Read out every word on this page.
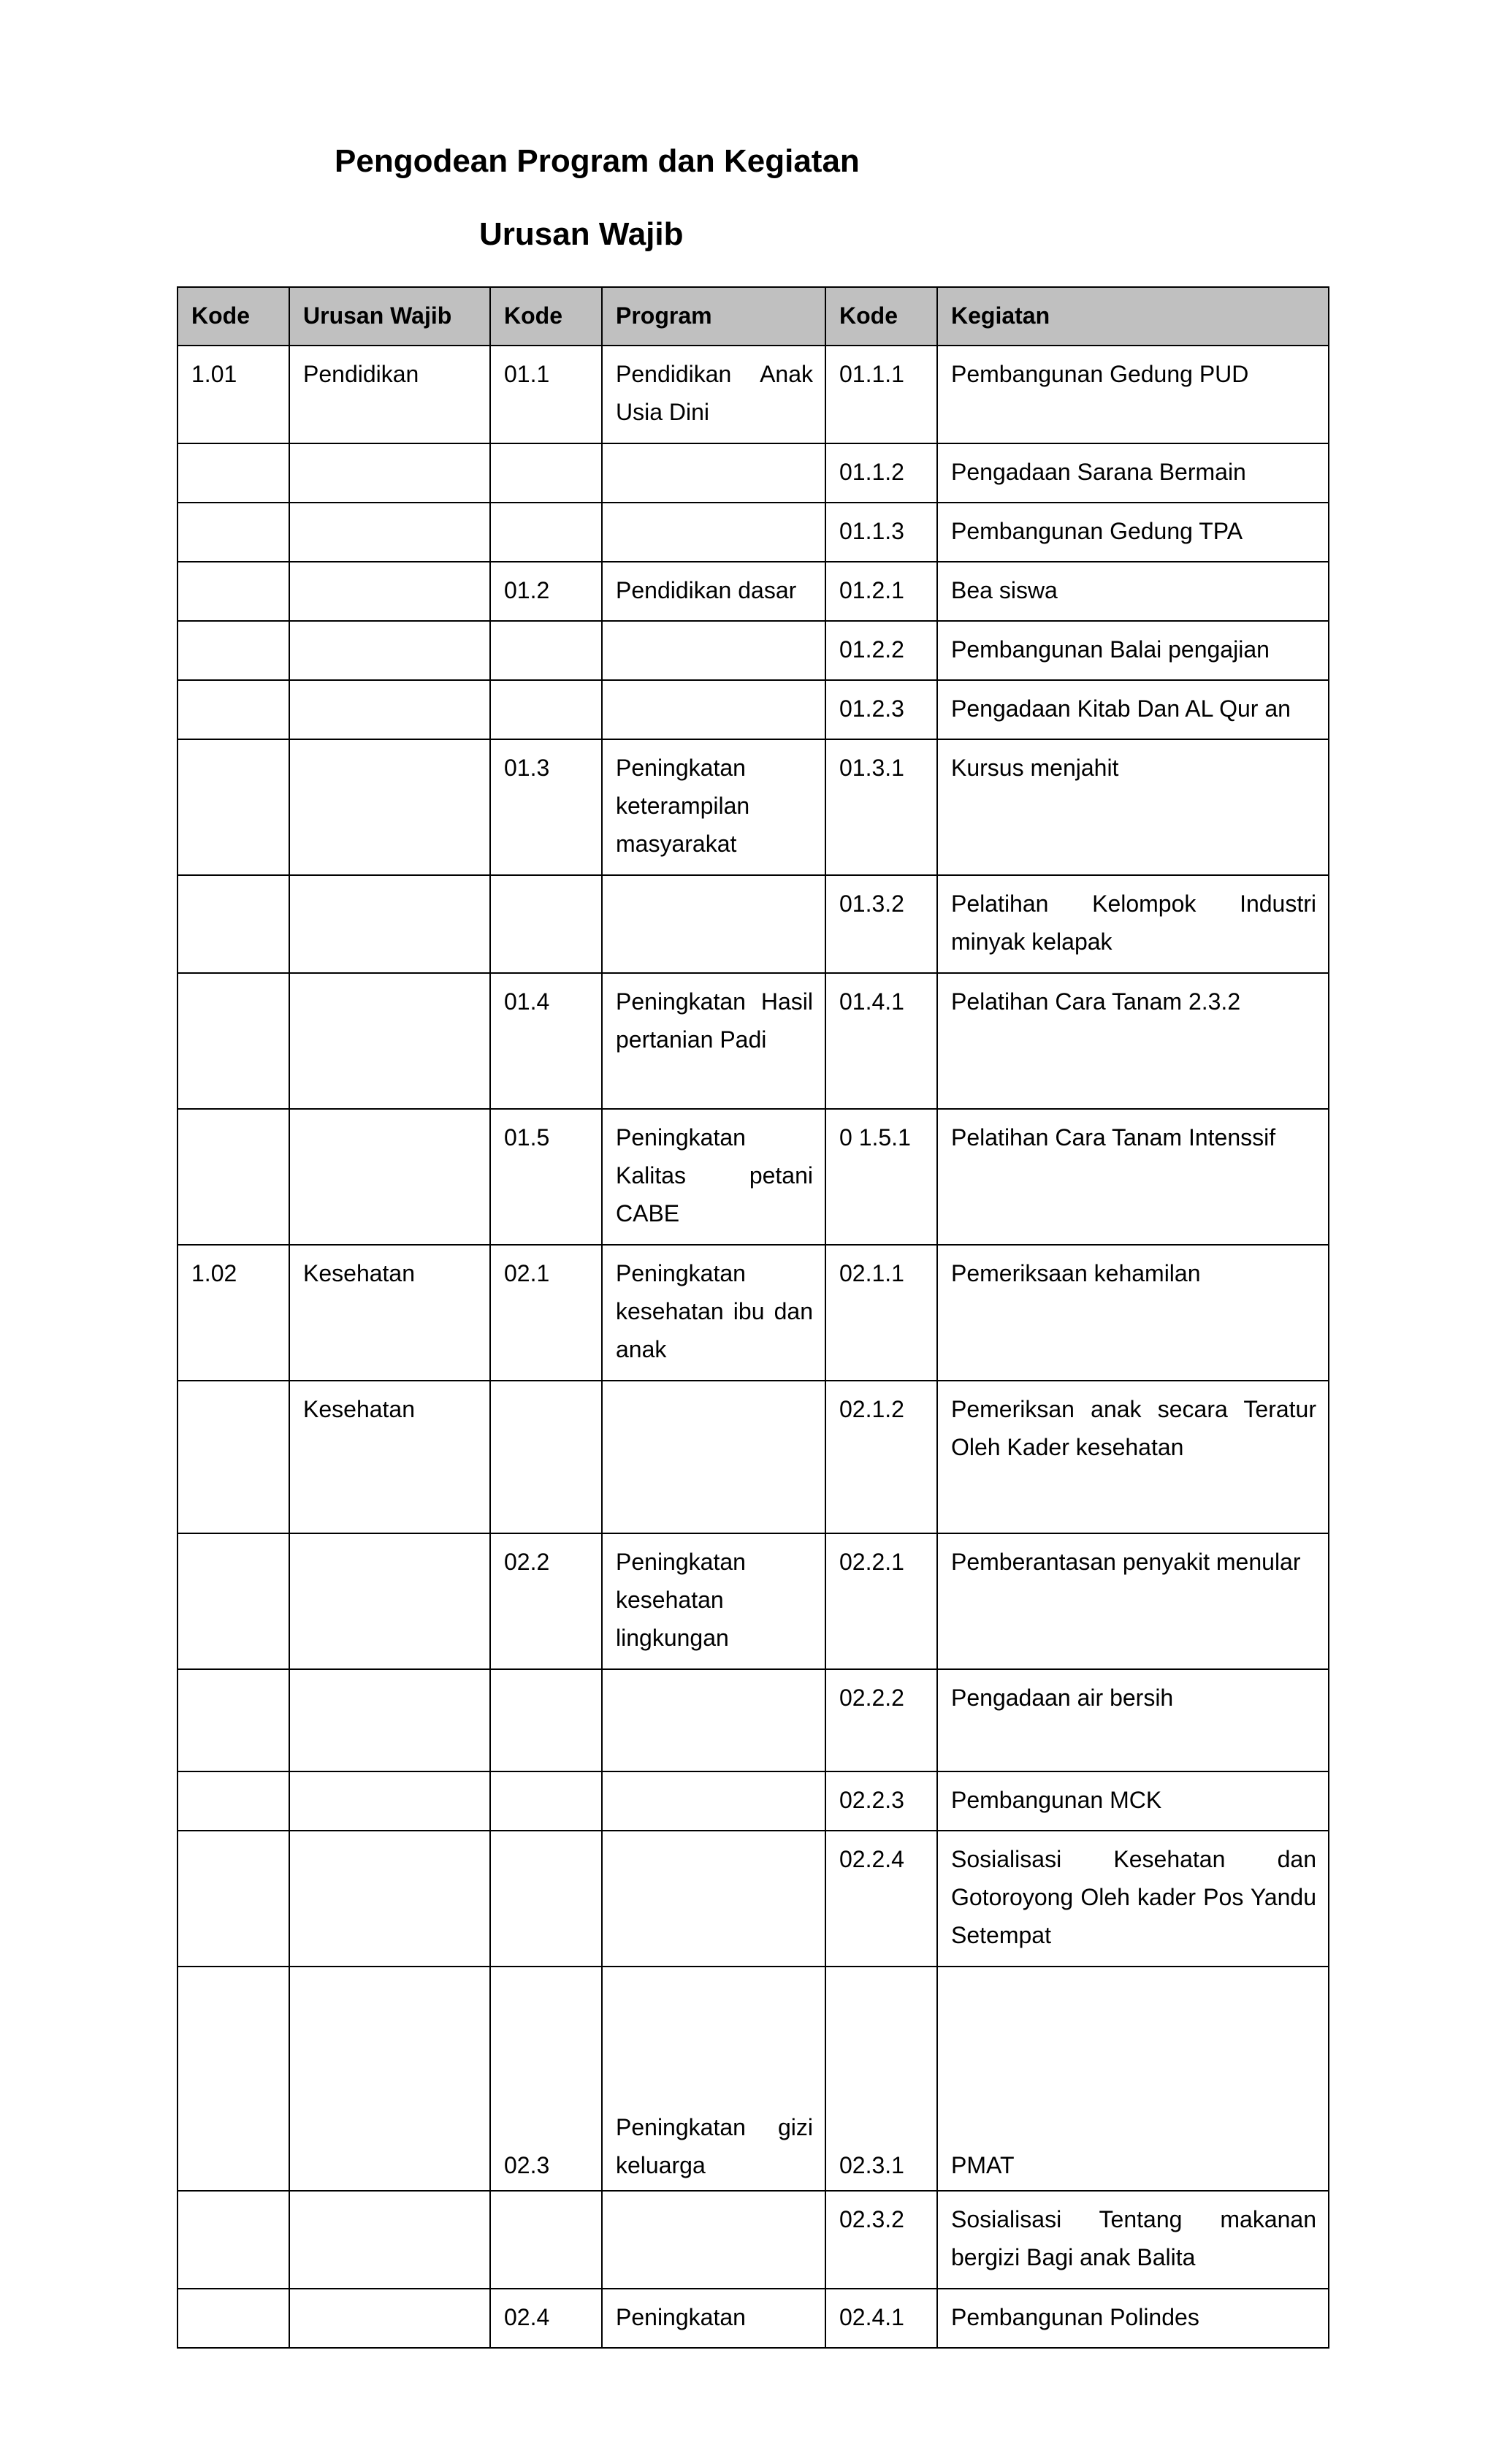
Pengodean Program dan Kegiatan
Urusan Wajib
Kode	Urusan Wajib	Kode	Program	Kode	Kegiatan
1.01	Pendidikan	01.1	Pendidikan Anak Usia Dini	01.1.1	Pembangunan Gedung PUD
				01.1.2	Pengadaan Sarana Bermain
				01.1.3	Pembangunan Gedung TPA
		01.2	Pendidikan dasar	01.2.1	Bea siswa
				01.2.2	Pembangunan Balai pengajian
				01.2.3	Pengadaan Kitab Dan AL Qur an
		01.3	Peningkatan keterampilan masyarakat	01.3.1	Kursus menjahit
				01.3.2	Pelatihan Kelompok Industri minyak kelapak
		01.4	Peningkatan Hasil pertanian Padi	01.4.1	Pelatihan Cara Tanam 2.3.2
		01.5	Peningkatan Kalitas petani CABE	0 1.5.1	Pelatihan Cara Tanam Intenssif
1.02	Kesehatan	02.1	Peningkatan kesehatan ibu dan anak	02.1.1	Pemeriksaan kehamilan
	Kesehatan			02.1.2	Pemeriksan anak secara Teratur Oleh Kader kesehatan
		02.2	Peningkatan kesehatan lingkungan	02.2.1	Pemberantasan penyakit menular
				02.2.2	Pengadaan air bersih
				02.2.3	Pembangunan MCK
				02.2.4	Sosialisasi Kesehatan dan Gotoroyong Oleh kader Pos Yandu Setempat
		02.3	Peningkatan gizi keluarga	02.3.1	PMAT
				02.3.2	Sosialisasi Tentang makanan bergizi Bagi anak Balita
		02.4	Peningkatan	02.4.1	Pembangunan Polindes
